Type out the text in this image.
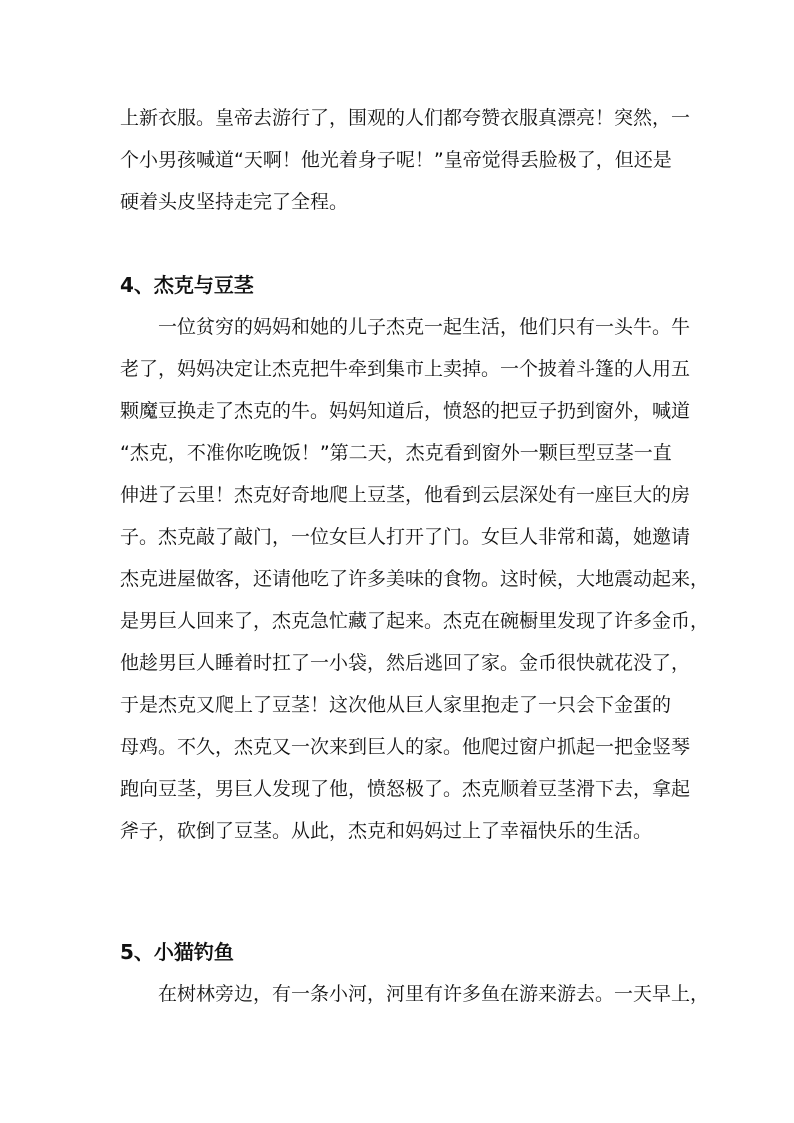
上新衣服。皇帝去游行了，围观的人们都夸赞衣服真漂亮！突然，一
个小男孩喊道“天啊！他光着身子呢！”皇帝觉得丢脸极了，但还是
硬着头皮坚持走完了全程。
4、杰克与豆茎
一位贫穷的妈妈和她的儿子杰克一起生活，他们只有一头牛。牛
老了，妈妈决定让杰克把牛牵到集市上卖掉。一个披着斗篷的人用五
颗魔豆换走了杰克的牛。妈妈知道后，愤怒的把豆子扔到窗外，喊道
“杰克，不准你吃晚饭！”第二天，杰克看到窗外一颗巨型豆茎一直
伸进了云里！杰克好奇地爬上豆茎，他看到云层深处有一座巨大的房
子。杰克敲了敲门，一位女巨人打开了门。女巨人非常和蔼，她邀请
杰克进屋做客，还请他吃了许多美味的食物。这时候，大地震动起来，
是男巨人回来了，杰克急忙藏了起来。杰克在碗橱里发现了许多金币，
他趁男巨人睡着时扛了一小袋，然后逃回了家。金币很快就花没了，
于是杰克又爬上了豆茎！这次他从巨人家里抱走了一只会下金蛋的
母鸡。不久，杰克又一次来到巨人的家。他爬过窗户抓起一把金竖琴
跑向豆茎，男巨人发现了他，愤怒极了。杰克顺着豆茎滑下去，拿起
斧子，砍倒了豆茎。从此，杰克和妈妈过上了幸福快乐的生活。
5、小猫钓鱼
在树林旁边，有一条小河，河里有许多鱼在游来游去。一天早上，
